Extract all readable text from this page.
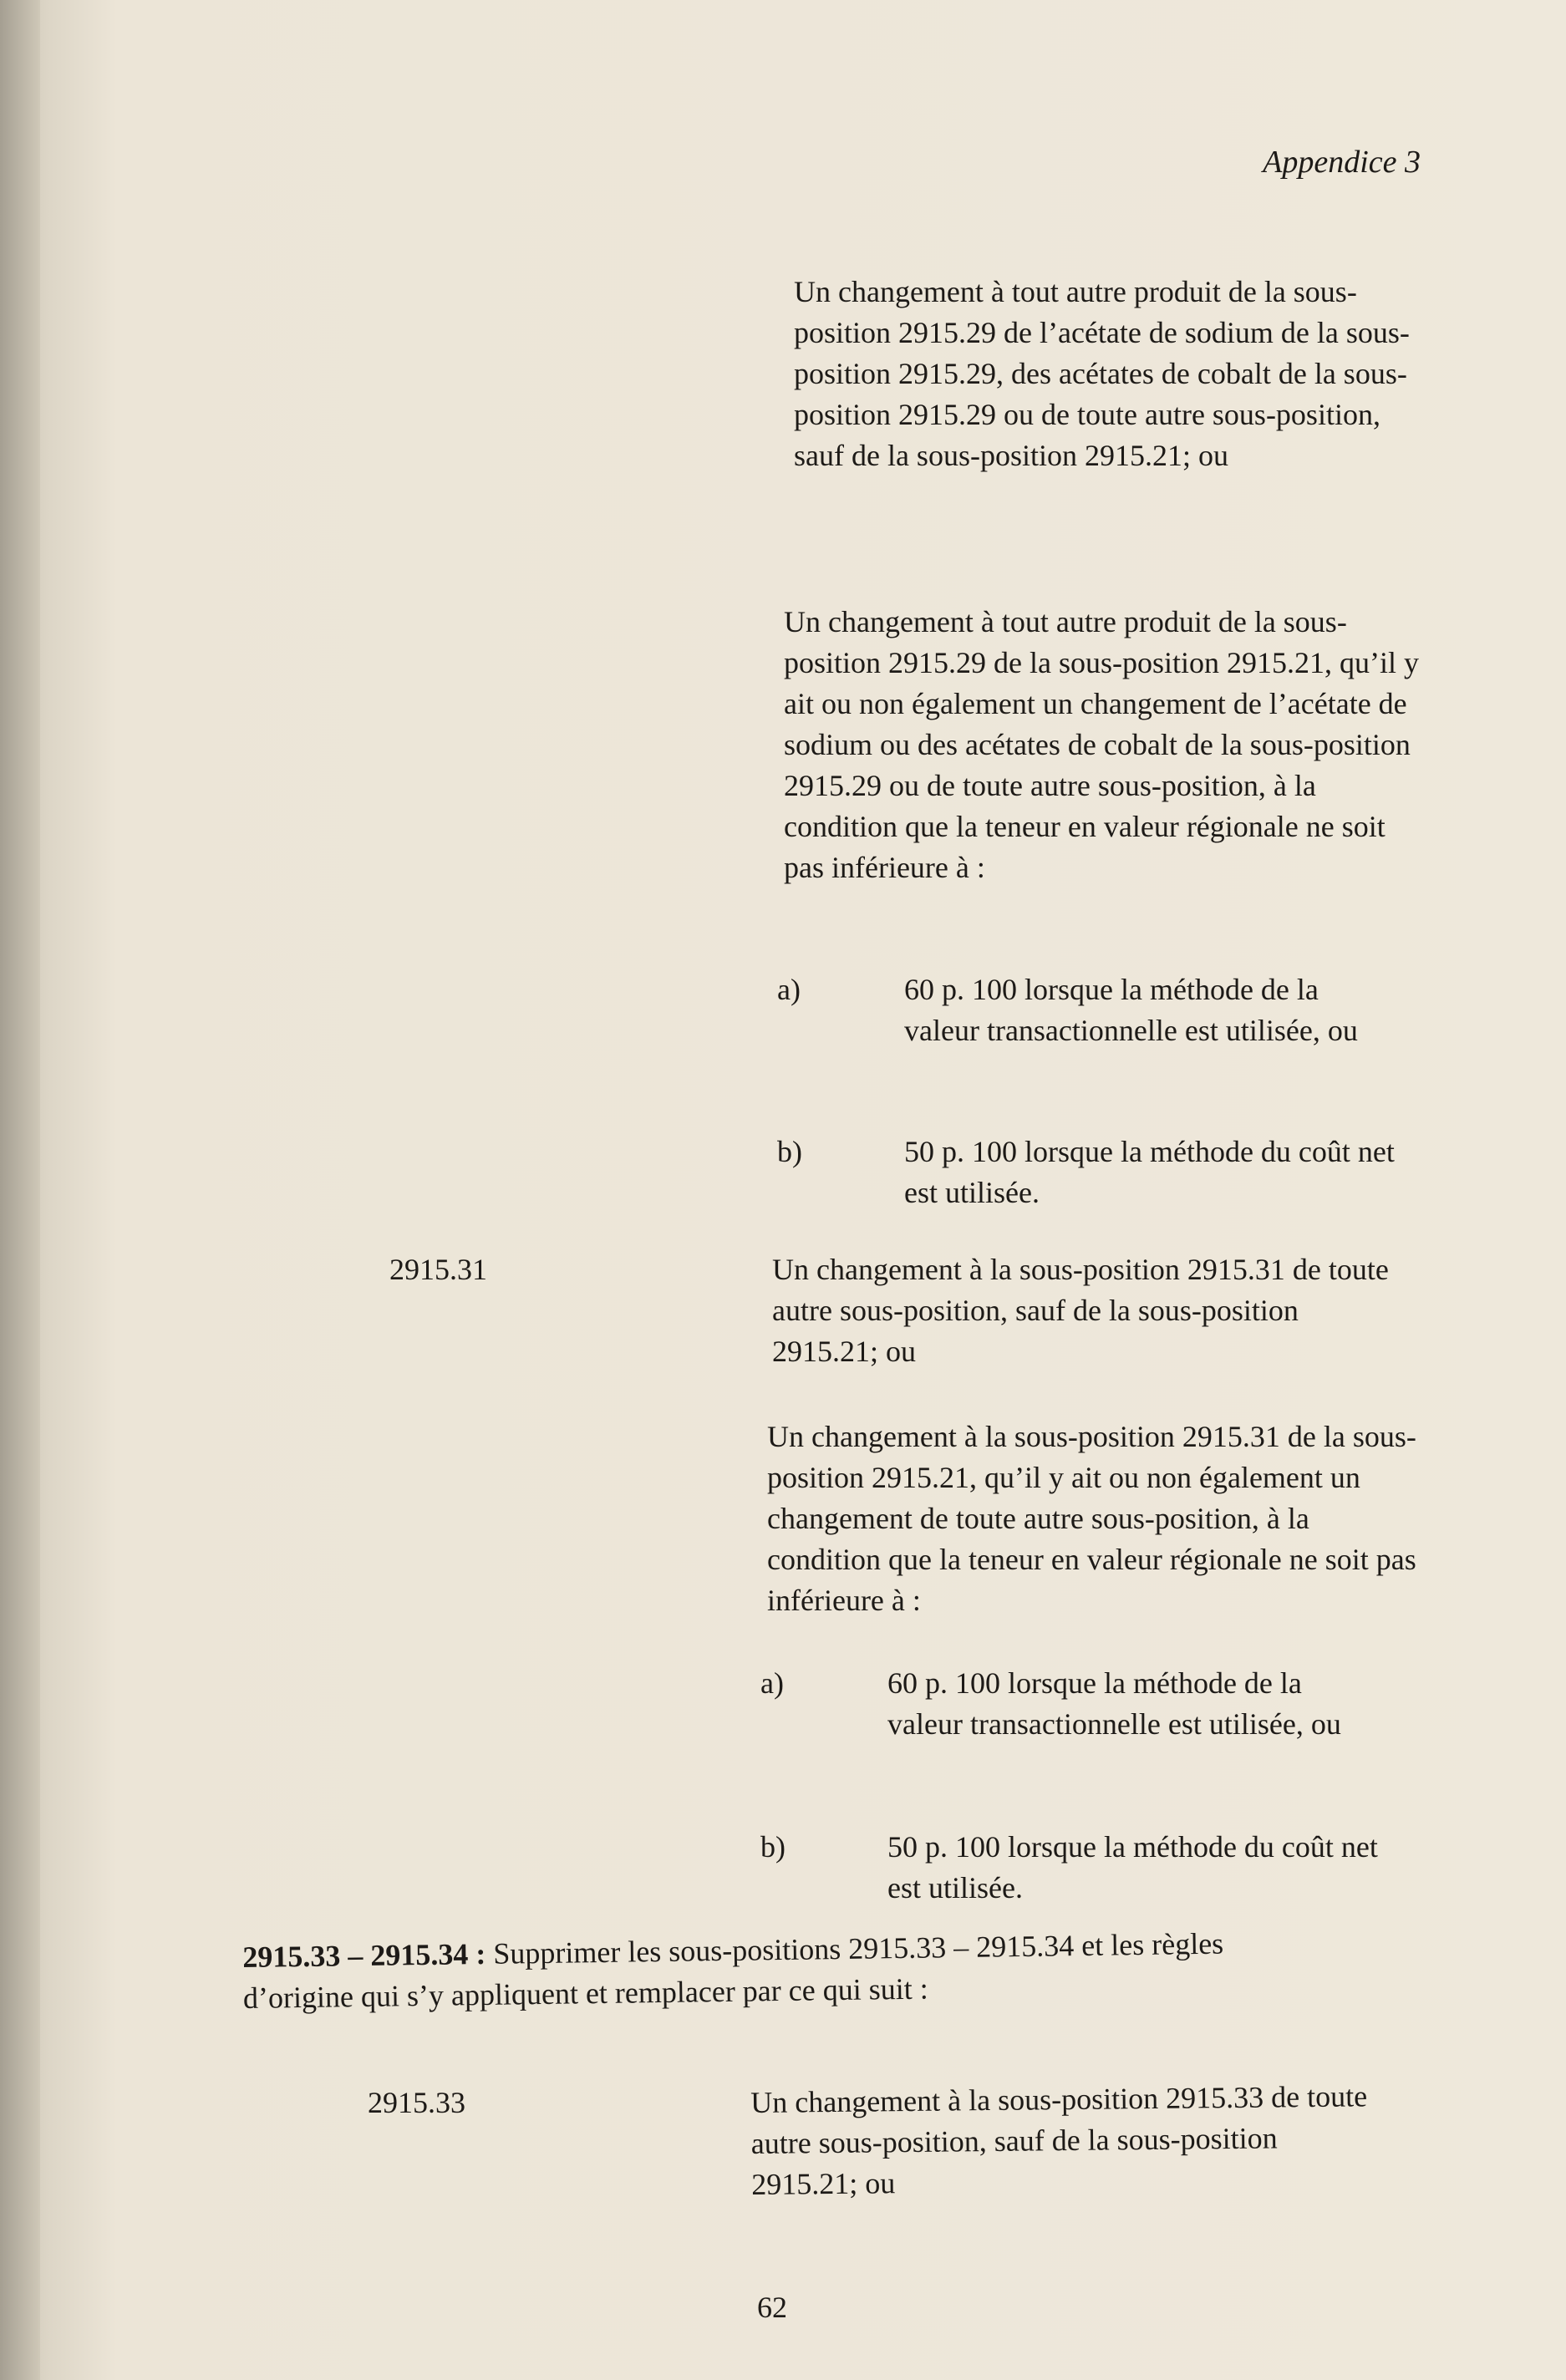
Appendice 3
Un changement à tout autre produit de la sous-position 2915.29 de l’acétate de sodium de la sous-position 2915.29, des acétates de cobalt de la sous-position 2915.29 ou de toute autre sous-position, sauf de la sous-position 2915.21; ou
Un changement à tout autre produit de la sous-position 2915.29 de la sous-position 2915.21, qu’il y ait ou non également un changement de l’acétate de sodium ou des acétates de cobalt de la sous-position 2915.29 ou de toute autre sous-position, à la condition que la teneur en valeur régionale ne soit pas inférieure à :
a)	60 p. 100 lorsque la méthode de la valeur transactionnelle est utilisée, ou
b)	50 p. 100 lorsque la méthode du coût net est utilisée.
2915.31	Un changement à la sous-position 2915.31 de toute autre sous-position, sauf de la sous-position 2915.21; ou
Un changement à la sous-position 2915.31 de la sous-position 2915.21, qu’il y ait ou non également un changement de toute autre sous-position, à la condition que la teneur en valeur régionale ne soit pas inférieure à :
a)	60 p. 100 lorsque la méthode de la valeur transactionnelle est utilisée, ou
b)	50 p. 100 lorsque la méthode du coût net est utilisée.
2915.33 – 2915.34 : Supprimer les sous-positions 2915.33 – 2915.34 et les règles d’origine qui s’y appliquent et remplacer par ce qui suit :
2915.33	Un changement à la sous-position 2915.33 de toute autre sous-position, sauf de la sous-position 2915.21; ou
62
